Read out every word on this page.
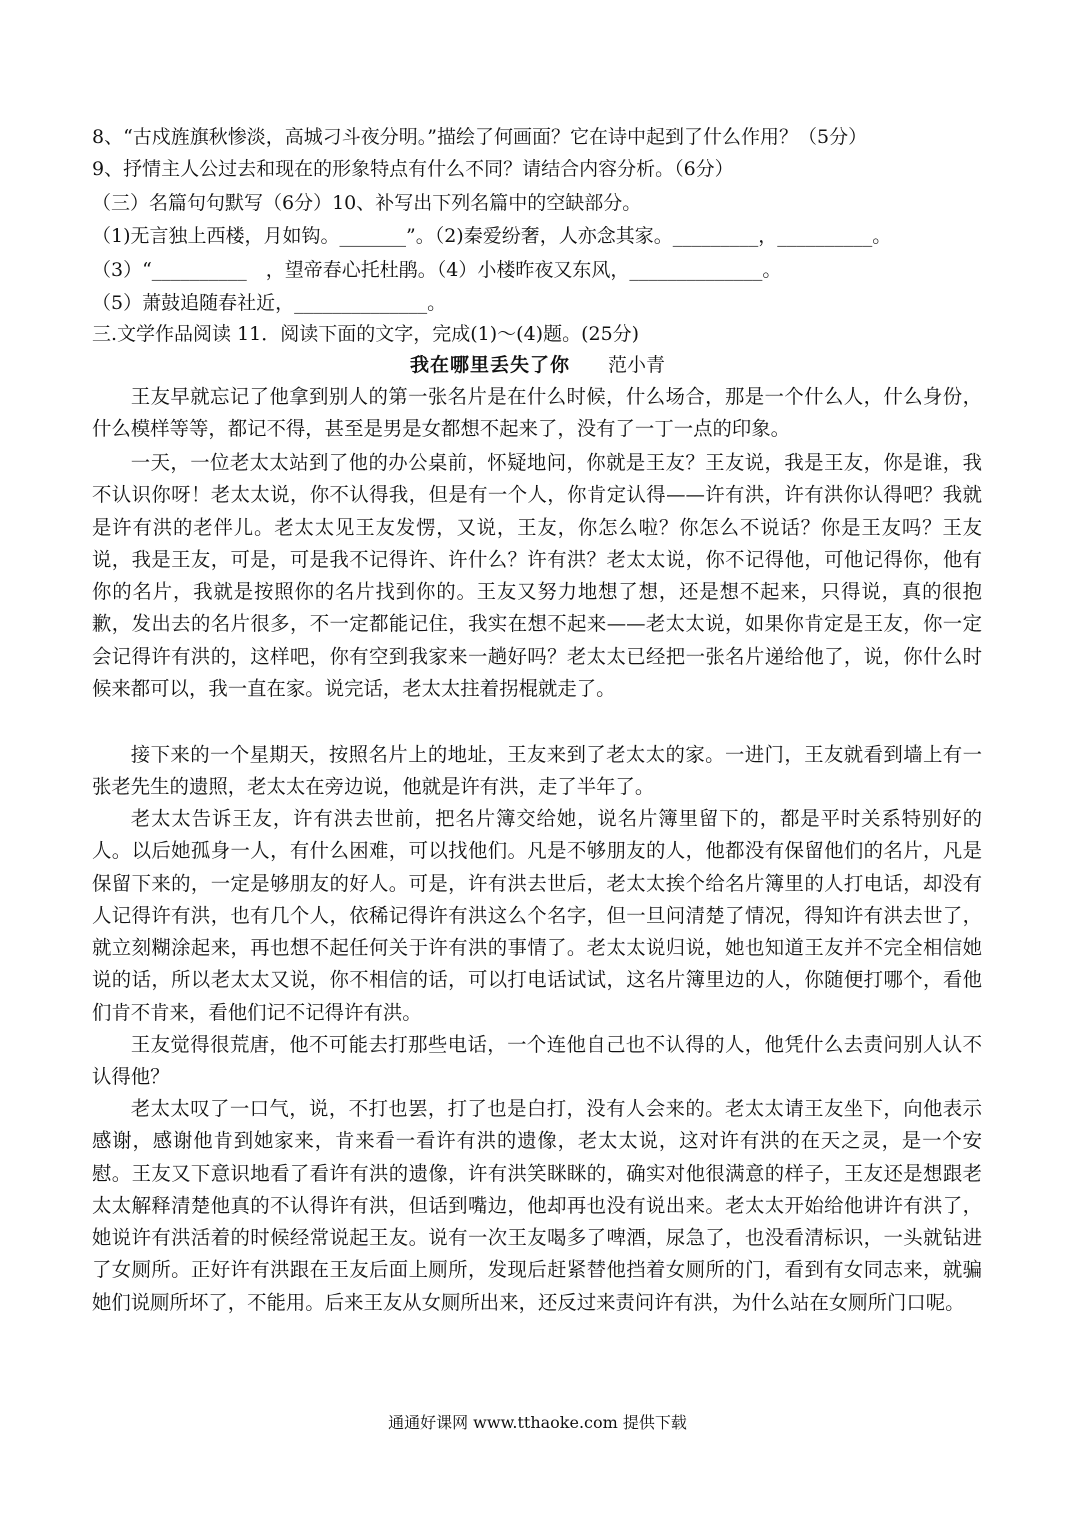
8、“古戍旌旗秋惨淡，高城刁斗夜分明。”描绘了何画面？它在诗中起到了什么作用？（5分）
9、抒情主人公过去和现在的形象特点有什么不同？请结合内容分析。（6分）
（三）名篇句句默写（6分）10、补写出下列名篇中的空缺部分。
（1)无言独上西楼，月如钩。_______”。（2)秦爱纷奢，人亦念其家。_________，__________。
（3）“__________　，望帝春心托杜鹃。（4）小楼昨夜又东风，______________。
（5）萧鼓追随春社近，______________。
三.文学作品阅读 11．阅读下面的文字，完成(1)～(4)题。(25分)
我在哪里丢失了你 范小青

王友早就忘记了他拿到别人的第一张名片是在什么时候，什么场合，那是一个什么人，什么身份，什么模样等等，都记不得，甚至是男是女都想不起来了，没有了一丁一点的印象。

一天，一位老太太站到了他的办公桌前，怀疑地问，你就是王友？王友说，我是王友，你是谁，我不认识你呀！老太太说，你不认得我，但是有一个人，你肯定认得——许有洪，许有洪你认得吧？我就是许有洪的老伴儿。老太太见王友发愣，又说，王友，你怎么啦？你怎么不说话？你是王友吗？王友说，我是王友，可是，可是我不记得许、许什么？许有洪？老太太说，你不记得他，可他记得你，他有你的名片，我就是按照你的名片找到你的。王友又努力地想了想，还是想不起来，只得说，真的很抱歉，发出去的名片很多，不一定都能记住，我实在想不起来——老太太说，如果你肯定是王友，你一定会记得许有洪的，这样吧，你有空到我家来一趟好吗？老太太已经把一张名片递给他了，说，你什么时候来都可以，我一直在家。说完话，老太太拄着拐棍就走了。

接下来的一个星期天，按照名片上的地址，王友来到了老太太的家。一进门，王友就看到墙上有一张老先生的遗照，老太太在旁边说，他就是许有洪，走了半年了。

老太太告诉王友，许有洪去世前，把名片簿交给她，说名片簿里留下的，都是平时关系特别好的人。以后她孤身一人，有什么困难，可以找他们。凡是不够朋友的人，他都没有保留他们的名片，凡是保留下来的，一定是够朋友的好人。可是，许有洪去世后，老太太挨个给名片簿里的人打电话，却没有人记得许有洪，也有几个人，依稀记得许有洪这么个名字，但一旦问清楚了情况，得知许有洪去世了，就立刻糊涂起来，再也想不起任何关于许有洪的事情了。老太太说归说，她也知道王友并不完全相信她说的话，所以老太太又说，你不相信的话，可以打电话试试，这名片簿里边的人，你随便打哪个，看他们肯不肯来，看他们记不记得许有洪。

王友觉得很荒唐，他不可能去打那些电话，一个连他自己也不认得的人，他凭什么去责问别人认不认得他？

老太太叹了一口气，说，不打也罢，打了也是白打，没有人会来的。老太太请王友坐下，向他表示感谢，感谢他肯到她家来，肯来看一看许有洪的遗像，老太太说，这对许有洪的在天之灵，是一个安慰。王友又下意识地看了看许有洪的遗像，许有洪笑眯眯的，确实对他很满意的样子，王友还是想跟老太太解释清楚他真的不认得许有洪，但话到嘴边，他却再也没有说出来。老太太开始给他讲许有洪了，她说许有洪活着的时候经常说起王友。说有一次王友喝多了啤酒，尿急了，也没看清标识，一头就钻进了女厕所。正好许有洪跟在王友后面上厕所，发现后赶紧替他挡着女厕所的门，看到有女同志来，就骗她们说厕所坏了，不能用。后来王友从女厕所出来，还反过来责问许有洪，为什么站在女厕所门口呢。

通通好课网 www.tthaoke.com 提供下载
